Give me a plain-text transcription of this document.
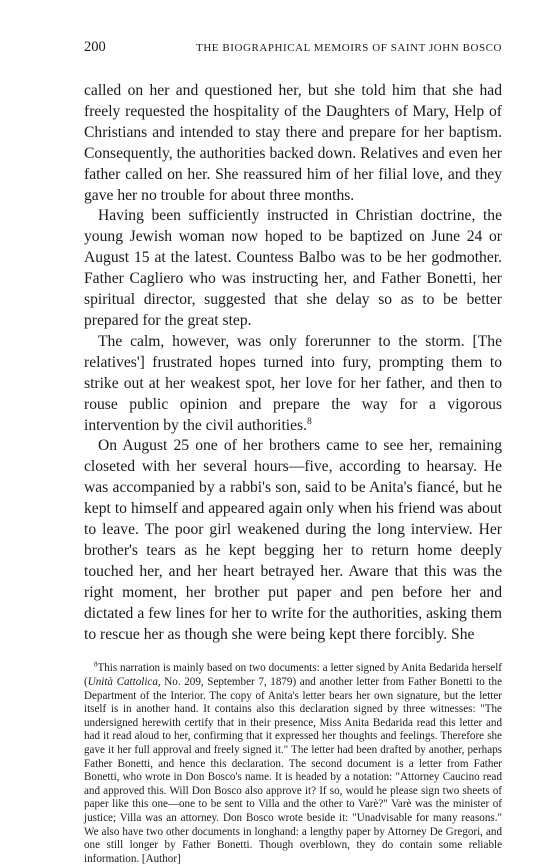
200	THE BIOGRAPHICAL MEMOIRS OF SAINT JOHN BOSCO

called on her and questioned her, but she told him that she had freely requested the hospitality of the Daughters of Mary, Help of Christians and intended to stay there and prepare for her baptism. Consequently, the authorities backed down. Relatives and even her father called on her. She reassured him of her filial love, and they gave her no trouble for about three months.

Having been sufficiently instructed in Christian doctrine, the young Jewish woman now hoped to be baptized on June 24 or August 15 at the latest. Countess Balbo was to be her godmother. Father Cagliero who was instructing her, and Father Bonetti, her spiritual director, suggested that she delay so as to be better prepared for the great step.

The calm, however, was only forerunner to the storm. [The relatives'] frustrated hopes turned into fury, prompting them to strike out at her weakest spot, her love for her father, and then to rouse public opinion and prepare the way for a vigorous intervention by the civil authorities.$^8$

On August 25 one of her brothers came to see her, remaining closeted with her several hours—five, according to hearsay. He was accompanied by a rabbi's son, said to be Anita's fiancé, but he kept to himself and appeared again only when his friend was about to leave. The poor girl weakened during the long interview. Her brother's tears as he kept begging her to return home deeply touched her, and her heart betrayed her. Aware that this was the right moment, her brother put paper and pen before her and dictated a few lines for her to write for the authorities, asking them to rescue her as though she were being kept there forcibly. She

$^8$This narration is mainly based on two documents: a letter signed by Anita Bedarida herself (Unità Cattolica, No. 209, September 7, 1879) and another letter from Father Bonetti to the Department of the Interior. The copy of Anita's letter bears her own signature, but the letter itself is in another hand. It contains also this declaration signed by three witnesses: "The undersigned herewith certify that in their presence, Miss Anita Bedarida read this letter and had it read aloud to her, confirming that it expressed her thoughts and feelings. Therefore she gave it her full approval and freely signed it." The letter had been drafted by another, perhaps Father Bonetti, and hence this declaration. The second document is a letter from Father Bonetti, who wrote in Don Bosco's name. It is headed by a notation: "Attorney Caucino read and approved this. Will Don Bosco also approve it? If so, would he please sign two sheets of paper like this one—one to be sent to Villa and the other to Varè?" Varè was the minister of justice; Villa was an attorney. Don Bosco wrote beside it: "Unadvisable for many reasons." We also have two other documents in longhand: a lengthy paper by Attorney De Gregori, and one still longer by Father Bonetti. Though overblown, they do contain some reliable information. [Author]
